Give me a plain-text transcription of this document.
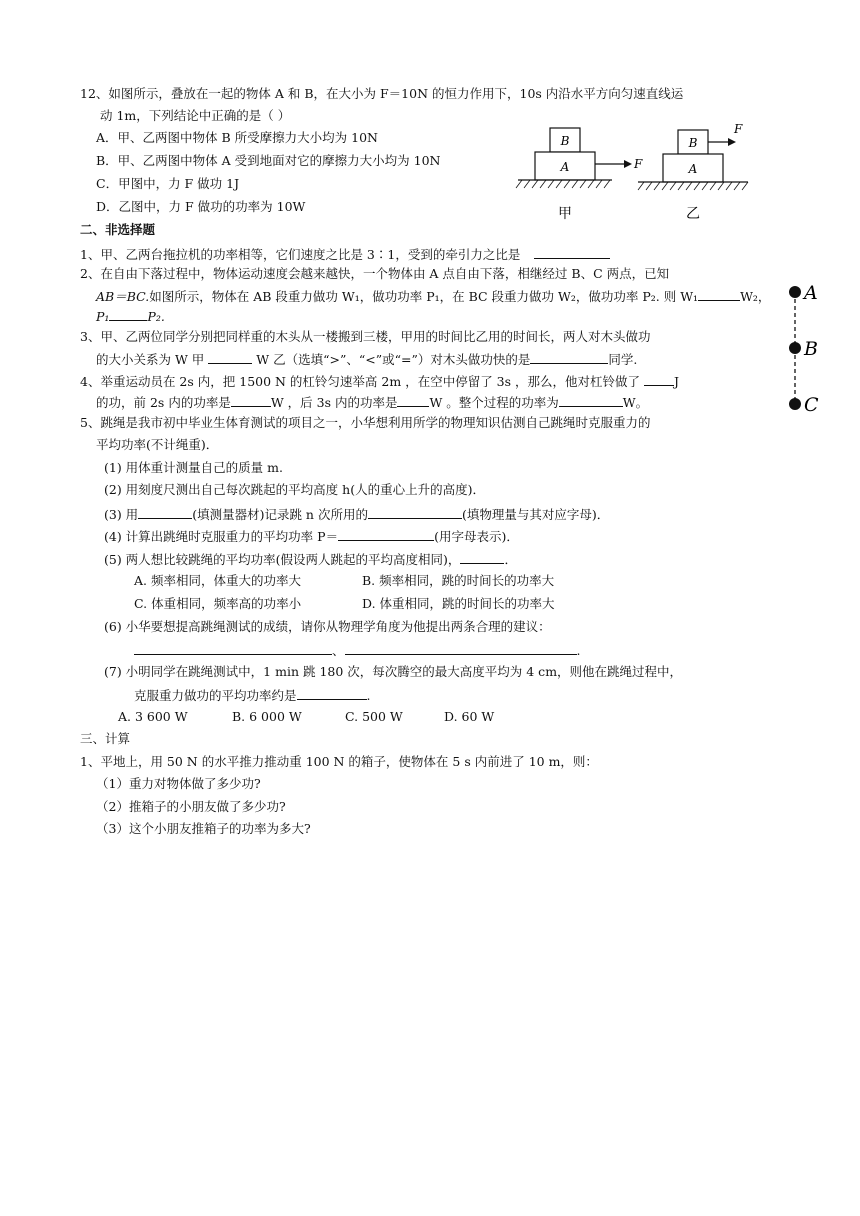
12、如图所示，叠放在一起的物体 A 和 B，在大小为 F＝10N 的恒力作用下，10s 内沿水平方向匀速直线运
动 1m，下列结论中正确的是（ ）
A．甲、乙两图中物体 B 所受摩擦力大小均为 10N
B．甲、乙两图中物体 A 受到地面对它的摩擦力大小均为 10N
C．甲图中，力 F 做功 1J
D．乙图中，力 F 做功的功率为 10W
B
A	F
甲
B
F
A
乙
二、非选择题
1、甲、乙两台拖拉机的功率相等，它们速度之比是 3∶1，受到的牵引力之比是
2、在自由下落过程中，物体运动速度会越来越快，一个物体由 A 点自由下落，相继经过 B、C 两点，已知
AB＝BC.如图所示，物体在 AB 段重力做功 W₁，做功功率 P₁，在 BC 段重力做功 W₂，做功功率 P₂. 则 W₁	W₂，
P₁	P₂.
A
B
C
3、甲、乙两位同学分别把同样重的木头从一楼搬到三楼，甲用的时间比乙用的时间长，两人对木头做功
的大小关系为 W 甲	W 乙（选填“>”、“<”或“=”）对木头做功快的是	同学.
4、举重运动员在 2s 内，把 1500 N 的杠铃匀速举高 2m ，在空中停留了 3s ，那么，他对杠铃做了	J
的功，前 2s 内的功率是	W ，后 3s 内的功率是	W 。整个过程的功率为	W。
5、跳绳是我市初中毕业生体育测试的项目之一，小华想利用所学的物理知识估测自己跳绳时克服重力的
平均功率(不计绳重)．
(1) 用体重计测量自己的质量 m.
(2) 用刻度尺测出自己每次跳起的平均高度 h(人的重心上升的高度)．
(3) 用	(填测量器材)记录跳 n 次所用的	(填物理量与其对应字母)．
(4) 计算出跳绳时克服重力的平均功率 P＝	(用字母表示)．
(5) 两人想比较跳绳的平均功率(假设两人跳起的平均高度相同)，	．
A. 频率相同，体重大的功率大	B. 频率相同，跳的时间长的功率大
C. 体重相同，频率高的功率小	D. 体重相同，跳的时间长的功率大
(6) 小华要想提高跳绳测试的成绩，请你从物理学角度为他提出两条合理的建议：
、	.
(7) 小明同学在跳绳测试中，1 min 跳 180 次，每次腾空的最大高度平均为 4 cm，则他在跳绳过程中，
克服重力做功的平均功率约是	.
A. 3 600 W	B. 6 000 W	C. 500 W	D. 60 W
三、计算
1、平地上，用 50 N 的水平推力推动重 100 N 的箱子，使物体在 5 s 内前进了 10 m，则：
（1）重力对物体做了多少功?
（2）推箱子的小朋友做了多少功?
（3）这个小朋友推箱子的功率为多大?
